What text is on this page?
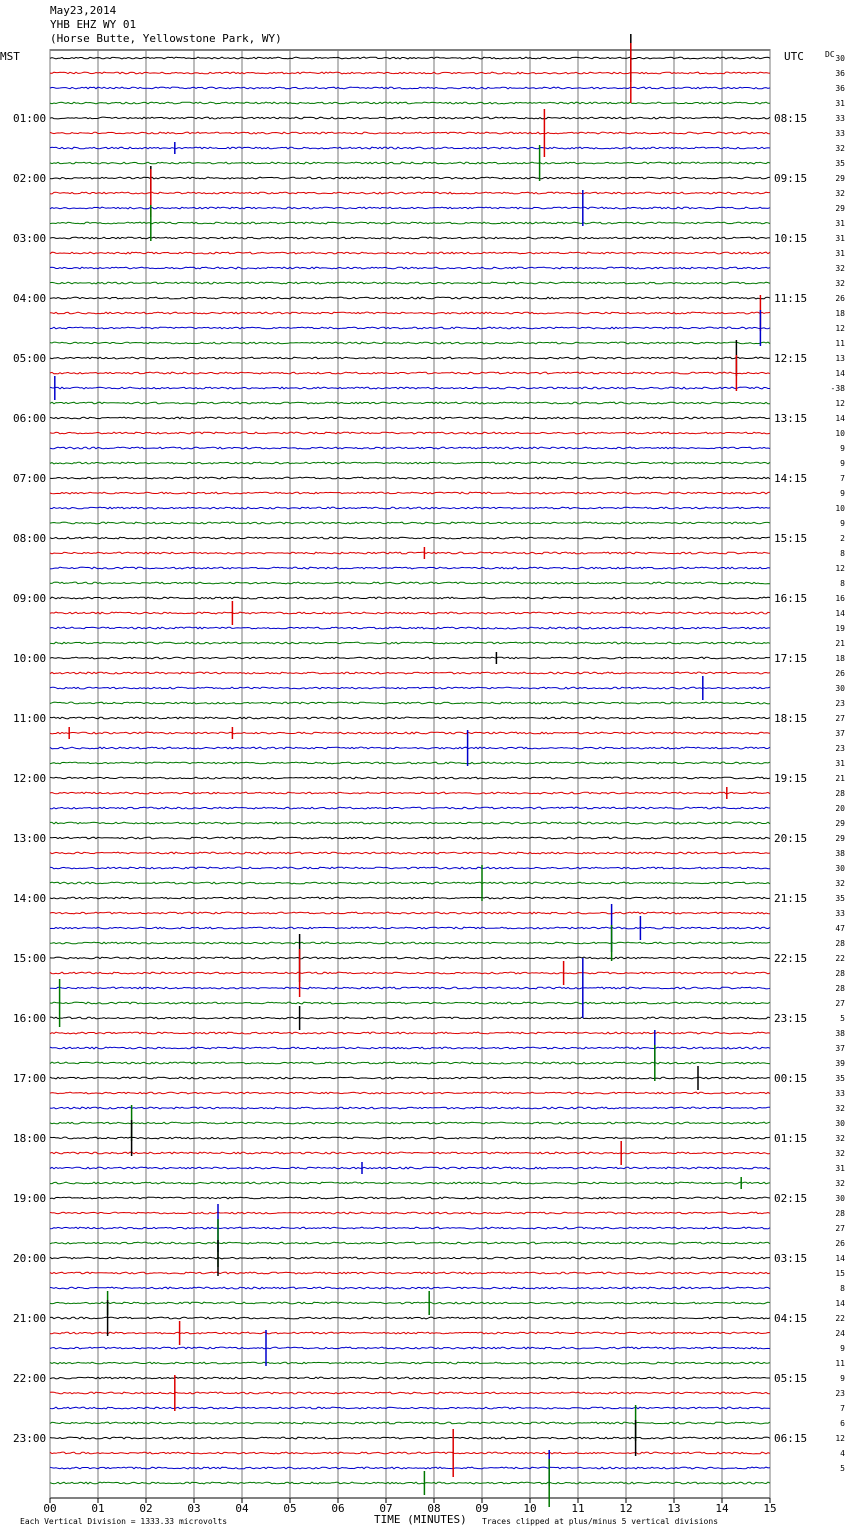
May23,2014
YHB EHZ WY 01
(Horse Butte, Yellowstone Park, WY)
01:00
02:00
03:00
04:00
05:00
06:00
07:00
08:00
09:00
10:00
11:00
12:00
13:00
14:00
15:00
16:00
17:00
18:00
19:00
20:00
21:00
22:00
23:00
08:15
09:15
10:15
11:15
12:15
13:15
14:15
15:15
16:15
17:15
18:15
19:15
20:15
21:15
22:15
23:15
00:15
01:15
02:15
03:15
04:15
05:15
06:15
30
36
36
31
33
33
32
35
29
32
29
31
31
31
32
32
26
18
12
11
13
14
-38
12
14
10
9
9
7
9
10
9
2
8
12
8
16
14
19
21
18
26
30
23
27
37
23
31
21
28
20
29
29
38
30
32
35
33
47
28
22
28
28
27
5
38
37
39
35
33
32
30
32
32
31
32
30
28
27
26
14
15
8
14
22
24
9
11
9
23
7
6
12
4
5
00	01	02	03	04	05	06	07	08	09	10	11	12	13	14	15
MST	UTC	DC
TIME (MINUTES)
Each Vertical Division = 1333.33 microvolts	Traces clipped at plus/minus 5 vertical divisions
